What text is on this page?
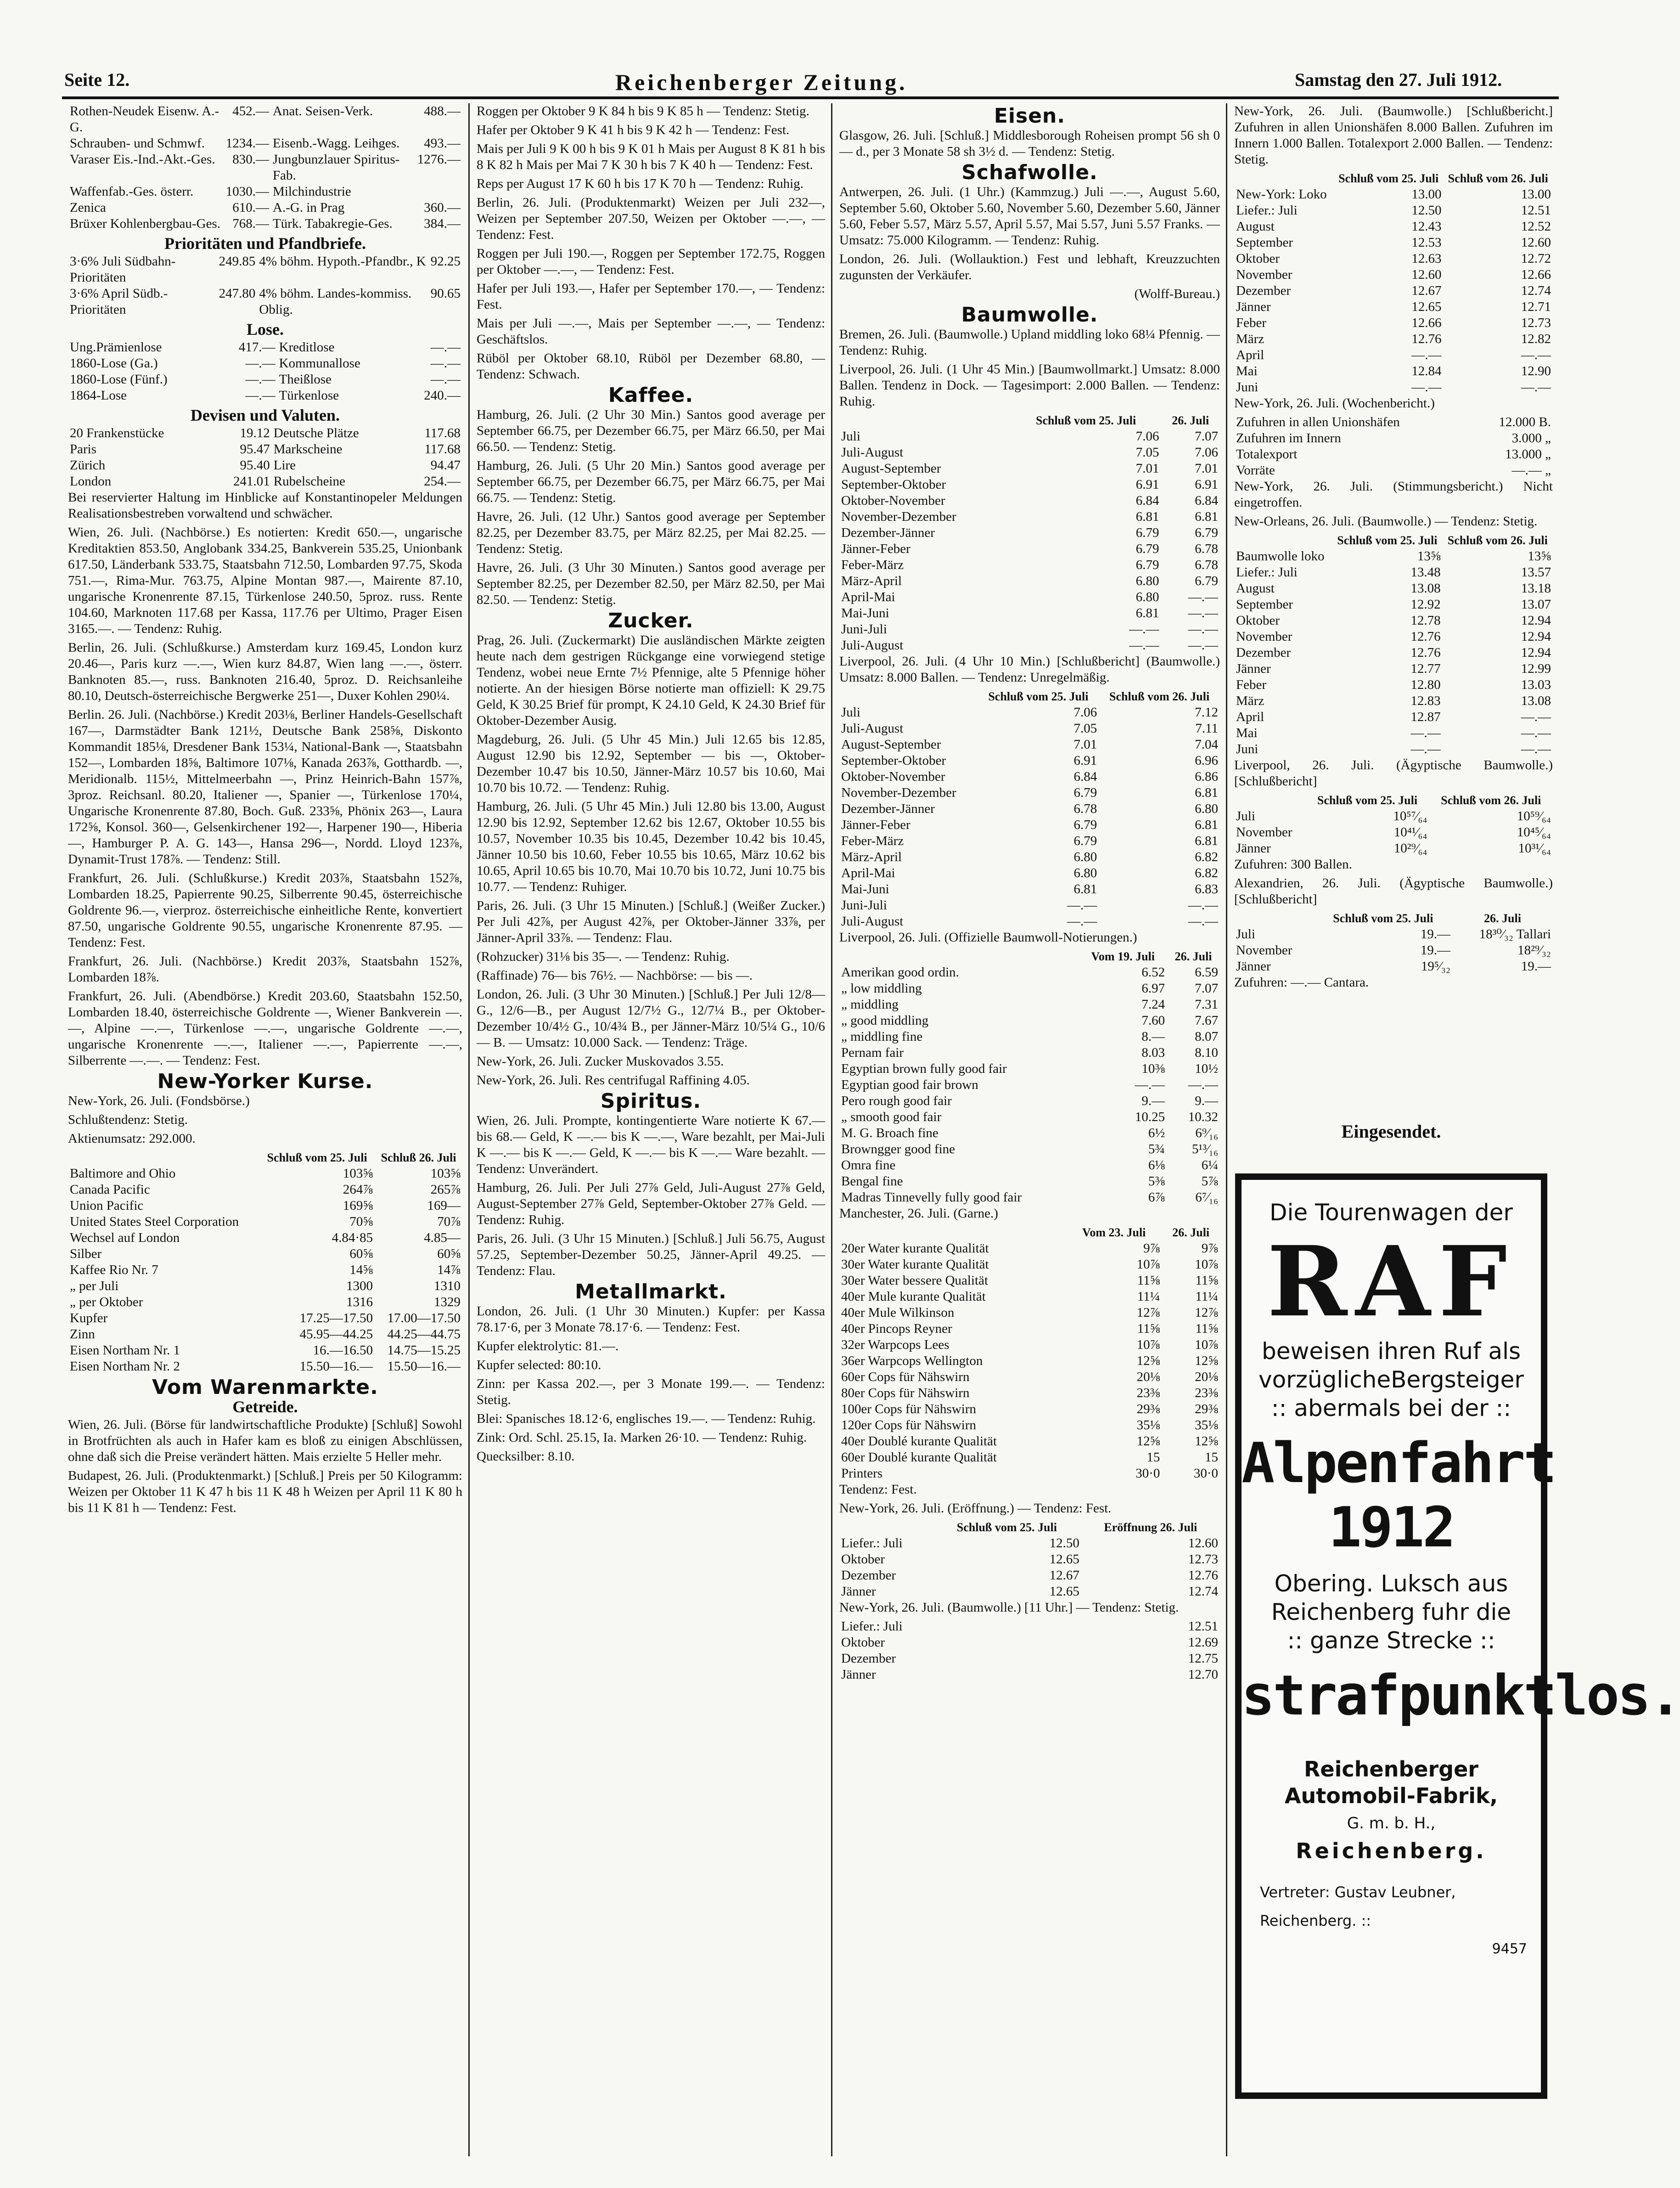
Seite 12.	Reichenberger Zeitung.	Samstag den 27. Juli 1912.
Rothen-Neudek Eisenw. A.-G.	452.—	Anat. Seisen-Verk.	488.—
Schrauben- und Schmwf.	1234.—	Eisenb.-Wagg. Leihges.	493.—
Varaser Eis.-Ind.-Akt.-Ges.	830.—	Jungbunzlauer Spiritus-Fab.	1276.—
Waffenfab.-Ges. österr.	1030.—	Milchindustrie	
Zenica	610.—	A.-G. in Prag	360.—
Brüxer Kohlenbergbau-Ges.	768.—	Türk. Tabakregie-Ges.	384.—
Prioritäten und Pfandbriefe.
3·6% Juli Südbahn-Prioritäten	249.85	4% böhm. Hypoth.-Pfandbr., K	92.25
3·6% April Südb.-Prioritäten	247.80	4% böhm. Landes-kommiss. Oblig.	90.65
Lose.
Ung.Prämienlose	417.—	Kreditlose	—.—
1860-Lose (Ga.)	—.—	Kommunallose	—.—
1860-Lose (Fünf.)	—.—	Theißlose	—.—
1864-Lose	—.—	Türkenlose	240.—
Devisen und Valuten.
20 Frankenstücke	19.12	Deutsche Plätze	117.68
Paris	95.47	Markscheine	117.68
Zürich	95.40	Lire	94.47
London	241.01	Rubelscheine	254.—

Bei reservierter Haltung im Hinblicke auf Konstantinopeler Meldungen Realisationsbestreben vorwaltend und schwächer.

Wien, 26. Juli. (Nachbörse.) Es notierten: Kredit 650.—, ungarische Kreditaktien 853.50, Anglobank 334.25, Bankverein 535.25, Unionbank 617.50, Länderbank 533.75, Staatsbahn 712.50, Lombarden 97.75, Skoda 751.—, Rima-Mur. 763.75, Alpine Montan 987.—, Mairente 87.10, ungarische Kronenrente 87.15, Türkenlose 240.50, 5proz. russ. Rente 104.60, Marknoten 117.68 per Kassa, 117.76 per Ultimo, Prager Eisen 3165.—. — Tendenz: Ruhig.

Berlin, 26. Juli. (Schlußkurse.) Amsterdam kurz 169.45, London kurz 20.46—, Paris kurz —.—, Wien kurz 84.87, Wien lang —.—, österr. Banknoten 85.—, russ. Banknoten 216.40, 5proz. D. Reichsanleihe 80.10, Deutsch-österreichische Bergwerke 251—, Duxer Kohlen 290¼.

Berlin. 26. Juli. (Nachbörse.) Kredit 203⅛, Berliner Handels-Gesellschaft 167—, Darmstädter Bank 121½, Deutsche Bank 258⅝, Diskonto Kommandit 185⅛, Dresdener Bank 153¼, National-Bank —, Staatsbahn 152—, Lombarden 18⅝, Baltimore 107⅛, Kanada 263⅞, Gotthardb. —, Meridionalb. 115½, Mittelmeerbahn —, Prinz Heinrich-Bahn 157⅞, 3proz. Reichsanl. 80.20, Italiener —, Spanier —, Türkenlose 170¼, Ungarische Kronenrente 87.80, Boch. Guß. 233⅝, Phönix 263—, Laura 172⅝, Konsol. 360—, Gelsenkirchener 192—, Harpener 190—, Hiberia —, Hamburger P. A. G. 143—, Hansa 296—, Nordd. Lloyd 123⅞, Dynamit-Trust 178⅞. — Tendenz: Still.

Frankfurt, 26. Juli. (Schlußkurse.) Kredit 203⅞, Staatsbahn 152⅞, Lombarden 18.25, Papierrente 90.25, Silberrente 90.45, österreichische Goldrente 96.—, vierproz. österreichische einheitliche Rente, konvertiert 87.50, ungarische Goldrente 90.55, ungarische Kronenrente 87.95. — Tendenz: Fest.

Frankfurt, 26. Juli. (Nachbörse.) Kredit 203⅞, Staatsbahn 152⅞, Lombarden 18⅞.

Frankfurt, 26. Juli. (Abendbörse.) Kredit 203.60, Staatsbahn 152.50, Lombarden 18.40, österreichische Goldrente —, Wiener Bankverein —.—, Alpine —.—, Türkenlose —.—, ungarische Goldrente —.—, ungarische Kronenrente —.—, Italiener —.—, Papierrente —.—, Silberrente —.—. — Tendenz: Fest.

New-Yorker Kurse.

New-York, 26. Juli. (Fondsbörse.)

Schlußtendenz: Stetig.

Aktienumsatz: 292.000.

	Schluß vom 25. Juli	Schluß 26. Juli
Baltimore and Ohio	103⅝	103⅝
Canada Pacific	264⅞	265⅞
Union Pacific	169⅝	169—
United States Steel Corporation	70⅝	70⅞
Wechsel auf London	4.84·85	4.85—
Silber	60⅝	60⅝
Kaffee Rio Nr. 7	14⅝	14⅞
„ per Juli	1300	1310
„ per Oktober	1316	1329
Kupfer	17.25—17.50	17.00—17.50
Zinn	45.95—44.25	44.25—44.75
Eisen Northam Nr. 1	16.—16.50	14.75—15.25
Eisen Northam Nr. 2	15.50—16.—	15.50—16.—
Vom Warenmarkte.
Getreide.

Wien, 26. Juli. (Börse für landwirtschaftliche Produkte) [Schluß] Sowohl in Brotfrüchten als auch in Hafer kam es bloß zu einigen Abschlüssen, ohne daß sich die Preise verändert hätten. Mais erzielte 5 Heller mehr.

Budapest, 26. Juli. (Produktenmarkt.) [Schluß.] Preis per 50 Kilogramm: Weizen per Oktober 11 K 47 h bis 11 K 48 h Weizen per April 11 K 80 h bis 11 K 81 h — Tendenz: Fest.

Roggen per Oktober 9 K 84 h bis 9 K 85 h — Tendenz: Stetig.

Hafer per Oktober 9 K 41 h bis 9 K 42 h — Tendenz: Fest.

Mais per Juli 9 K 00 h bis 9 K 01 h Mais per August 8 K 81 h bis 8 K 82 h Mais per Mai 7 K 30 h bis 7 K 40 h — Tendenz: Fest.

Reps per August 17 K 60 h bis 17 K 70 h — Tendenz: Ruhig.

Berlin, 26. Juli. (Produktenmarkt) Weizen per Juli 232—, Weizen per September 207.50, Weizen per Oktober —.—, — Tendenz: Fest.

Roggen per Juli 190.—, Roggen per September 172.75, Roggen per Oktober —.—, — Tendenz: Fest.

Hafer per Juli 193.—, Hafer per September 170.—, — Tendenz: Fest.

Mais per Juli —.—, Mais per September —.—, — Tendenz: Geschäftslos.

Rüböl per Oktober 68.10, Rüböl per Dezember 68.80, — Tendenz: Schwach.

Kaffee.

Hamburg, 26. Juli. (2 Uhr 30 Min.) Santos good average per September 66.75, per Dezember 66.75, per März 66.50, per Mai 66.50. — Tendenz: Stetig.

Hamburg, 26. Juli. (5 Uhr 20 Min.) Santos good average per September 66.75, per Dezember 66.75, per März 66.75, per Mai 66.75. — Tendenz: Stetig.

Havre, 26. Juli. (12 Uhr.) Santos good average per September 82.25, per Dezember 83.75, per März 82.25, per Mai 82.25. — Tendenz: Stetig.

Havre, 26. Juli. (3 Uhr 30 Minuten.) Santos good average per September 82.25, per Dezember 82.50, per März 82.50, per Mai 82.50. — Tendenz: Stetig.

Zucker.

Prag, 26. Juli. (Zuckermarkt) Die ausländischen Märkte zeigten heute nach dem gestrigen Rückgange eine vorwiegend stetige Tendenz, wobei neue Ernte 7½ Pfennige, alte 5 Pfennige höher notierte. An der hiesigen Börse notierte man offiziell: K 29.75 Geld, K 30.25 Brief für prompt, K 24.10 Geld, K 24.30 Brief für Oktober-Dezember Ausig.

Magdeburg, 26. Juli. (5 Uhr 45 Min.) Juli 12.65 bis 12.85, August 12.90 bis 12.92, September — bis —, Oktober-Dezember 10.47 bis 10.50, Jänner-März 10.57 bis 10.60, Mai 10.70 bis 10.72. — Tendenz: Ruhig.

Hamburg, 26. Juli. (5 Uhr 45 Min.) Juli 12.80 bis 13.00, August 12.90 bis 12.92, September 12.62 bis 12.67, Oktober 10.55 bis 10.57, November 10.35 bis 10.45, Dezember 10.42 bis 10.45, Jänner 10.50 bis 10.60, Feber 10.55 bis 10.65, März 10.62 bis 10.65, April 10.65 bis 10.70, Mai 10.70 bis 10.72, Juni 10.75 bis 10.77. — Tendenz: Ruhiger.

Paris, 26. Juli. (3 Uhr 15 Minuten.) [Schluß.] (Weißer Zucker.) Per Juli 42⅞, per August 42⅞, per Oktober-Jänner 33⅞, per Jänner-April 33⅞. — Tendenz: Flau.

(Rohzucker) 31⅛ bis 35—. — Tendenz: Ruhig.

(Raffinade) 76— bis 76½. — Nachbörse: — bis —.

London, 26. Juli. (3 Uhr 30 Minuten.) [Schluß.] Per Juli 12/8—G., 12/6—B., per August 12/7½ G., 12/7¼ B., per Oktober-Dezember 10/4½ G., 10/4¾ B., per Jänner-März 10/5¼ G., 10/6— B. — Umsatz: 10.000 Sack. — Tendenz: Träge.

New-York, 26. Juli. Zucker Muskovados 3.55.

New-York, 26. Juli. Res centrifugal Raffining 4.05.

Spiritus.

Wien, 26. Juli. Prompte, kontingentierte Ware notierte K 67.— bis 68.— Geld, K —.— bis K —.—, Ware bezahlt, per Mai-Juli K —.— bis K —.— Geld, K —.— bis K —.— Ware bezahlt. — Tendenz: Unverändert.

Hamburg, 26. Juli. Per Juli 27⅞ Geld, Juli-August 27⅞ Geld, August-September 27⅞ Geld, September-Oktober 27⅞ Geld. — Tendenz: Ruhig.

Paris, 26. Juli. (3 Uhr 15 Minuten.) [Schluß.] Juli 56.75, August 57.25, September-Dezember 50.25, Jänner-April 49.25. — Tendenz: Flau.

Metallmarkt.

London, 26. Juli. (1 Uhr 30 Minuten.) Kupfer: per Kassa 78.17·6, per 3 Monate 78.17·6. — Tendenz: Fest.

Kupfer elektrolytic: 81.—.

Kupfer selected: 80:10.

Zinn: per Kassa 202.—, per 3 Monate 199.—. — Tendenz: Stetig.

Blei: Spanisches 18.12·6, englisches 19.—. — Tendenz: Ruhig.

Zink: Ord. Schl. 25.15, Ia. Marken 26·10. — Tendenz: Ruhig.

Quecksilber: 8.10.

Eisen.

Glasgow, 26. Juli. [Schluß.] Middlesborough Roheisen prompt 56 sh 0— d., per 3 Monate 58 sh 3½ d. — Tendenz: Stetig.

Schafwolle.

Antwerpen, 26. Juli. (1 Uhr.) (Kammzug.) Juli —.—, August 5.60, September 5.60, Oktober 5.60, November 5.60, Dezember 5.60, Jänner 5.60, Feber 5.57, März 5.57, April 5.57, Mai 5.57, Juni 5.57 Franks. — Umsatz: 75.000 Kilogramm. — Tendenz: Ruhig.

London, 26. Juli. (Wollauktion.) Fest und lebhaft, Kreuzzuchten zugunsten der Verkäufer.

(Wolff-Bureau.)

Baumwolle.

Bremen, 26. Juli. (Baumwolle.) Upland middling loko 68¼ Pfennig. — Tendenz: Ruhig.

Liverpool, 26. Juli. (1 Uhr 45 Min.) [Baumwollmarkt.] Umsatz: 8.000 Ballen. Tendenz in Dock. — Tagesimport: 2.000 Ballen. — Tendenz: Ruhig.

	Schluß vom 25. Juli	26. Juli
Juli	7.06	7.07
Juli-August	7.05	7.06
August-September	7.01	7.01
September-Oktober	6.91	6.91
Oktober-November	6.84	6.84
November-Dezember	6.81	6.81
Dezember-Jänner	6.79	6.79
Jänner-Feber	6.79	6.78
Feber-März	6.79	6.78
März-April	6.80	6.79
April-Mai	6.80	—.—
Mai-Juni	6.81	—.—
Juni-Juli	—.—	—.—
Juli-August	—.—	—.—

Liverpool, 26. Juli. (4 Uhr 10 Min.) [Schlußbericht] (Baumwolle.) Umsatz: 8.000 Ballen. — Tendenz: Unregelmäßig.

	Schluß vom 25. Juli	Schluß vom 26. Juli
Juli	7.06	7.12
Juli-August	7.05	7.11
August-September	7.01	7.04
September-Oktober	6.91	6.96
Oktober-November	6.84	6.86
November-Dezember	6.79	6.81
Dezember-Jänner	6.78	6.80
Jänner-Feber	6.79	6.81
Feber-März	6.79	6.81
März-April	6.80	6.82
April-Mai	6.80	6.82
Mai-Juni	6.81	6.83
Juni-Juli	—.—	—.—
Juli-August	—.—	—.—

Liverpool, 26. Juli. (Offizielle Baumwoll-Notierungen.)

	Vom 19. Juli	26. Juli
Amerikan good ordin.	6.52	6.59
„ low middling	6.97	7.07
„ middling	7.24	7.31
„ good middling	7.60	7.67
„ middling fine	8.—	8.07
Pernam fair	8.03	8.10
Egyptian brown fully good fair	10⅜	10½
Egyptian good fair brown	—.—	—.—
Pero rough good fair	9.—	9.—
„ smooth good fair	10.25	10.32
M. G. Broach fine	6½	6⁹⁄₁₆
Browngger good fine	5¾	5¹³⁄₁₆
Omra fine	6⅛	6¼
Bengal fine	5⅜	5⅞
Madras Tinnevelly fully good fair	6⅞	6⁷⁄₁₆

Manchester, 26. Juli. (Garne.)

	Vom 23. Juli	26. Juli
20er Water kurante Qualität	9⅞	9⅞
30er Water kurante Qualität	10⅞	10⅞
30er Water bessere Qualität	11⅝	11⅝
40er Mule kurante Qualität	11¼	11¼
40er Mule Wilkinson	12⅞	12⅞
40er Pincops Reyner	11⅝	11⅝
32er Warpcops Lees	10⅞	10⅞
36er Warpcops Wellington	12⅝	12⅝
60er Cops für Nähswirn	20⅛	20⅛
80er Cops für Nähswirn	23⅜	23⅜
100er Cops für Nähswirn	29⅜	29⅜
120er Cops für Nähswirn	35⅛	35⅛
40er Doublé kurante Qualität	12⅝	12⅝
60er Doublé kurante Qualität	15	15
Printers	30·0	30·0

Tendenz: Fest.

New-York, 26. Juli. (Eröffnung.) — Tendenz: Fest.

	Schluß vom 25. Juli	Eröffnung 26. Juli
Liefer.: Juli	12.50	12.60
Oktober	12.65	12.73
Dezember	12.67	12.76
Jänner	12.65	12.74

New-York, 26. Juli. (Baumwolle.) [11 Uhr.] — Tendenz: Stetig.

Liefer.: Juli	12.51
Oktober	12.69
Dezember	12.75
Jänner	12.70

New-York, 26. Juli. (Baumwolle.) [Schlußbericht.] Zufuhren in allen Unionshäfen 8.000 Ballen. Zufuhren im Innern 1.000 Ballen. Totalexport 2.000 Ballen. — Tendenz: Stetig.

	Schluß vom 25. Juli	Schluß vom 26. Juli
New-York: Loko	13.00	13.00
Liefer.: Juli	12.50	12.51
August	12.43	12.52
September	12.53	12.60
Oktober	12.63	12.72
November	12.60	12.66
Dezember	12.67	12.74
Jänner	12.65	12.71
Feber	12.66	12.73
März	12.76	12.82
April	—.—	—.—
Mai	12.84	12.90
Juni	—.—	—.—

New-York, 26. Juli. (Wochenbericht.)

Zufuhren in allen Unionshäfen	12.000 B.
Zufuhren im Innern	3.000 „
Totalexport	13.000 „
Vorräte	—.— „

New-York, 26. Juli. (Stimmungsbericht.) Nicht eingetroffen.

New-Orleans, 26. Juli. (Baumwolle.) — Tendenz: Stetig.

	Schluß vom 25. Juli	Schluß vom 26. Juli
Baumwolle loko	13⅝	13⅝
Liefer.: Juli	13.48	13.57
August	13.08	13.18
September	12.92	13.07
Oktober	12.78	12.94
November	12.76	12.94
Dezember	12.76	12.94
Jänner	12.77	12.99
Feber	12.80	13.03
März	12.83	13.08
April	12.87	—.—
Mai	—.—	—.—
Juni	—.—	—.—

Liverpool, 26. Juli. (Ägyptische Baumwolle.) [Schlußbericht]

	Schluß vom 25. Juli	Schluß vom 26. Juli
Juli	10⁵⁷⁄₆₄	10⁵⁹⁄₆₄
November	10⁴¹⁄₆₄	10⁴⁵⁄₆₄
Jänner	10²⁹⁄₆₄	10³¹⁄₆₄

Zufuhren: 300 Ballen.

Alexandrien, 26. Juli. (Ägyptische Baumwolle.) [Schlußbericht]

	Schluß vom 25. Juli	26. Juli
Juli	19.—	18³⁰⁄₃₂ Tallari
November	19.—	18²⁹⁄₃₂
Jänner	19⁵⁄₃₂	19.—

Zufuhren: —.— Cantara.

Eingesendet.
Die Tourenwagen der
RAF
beweisen ihren Ruf als
vorzüglicheBergsteiger
:: abermals bei der ::
Alpenfahrt 1912
Obering. Luksch aus
Reichenberg fuhr die
:: ganze Strecke ::
strafpunktlos.
Reichenberger Automobil-Fabrik,
G. m. b. H.,
Reichenberg.
Vertreter: Gustav Leubner, Reichenberg. ::
9457
